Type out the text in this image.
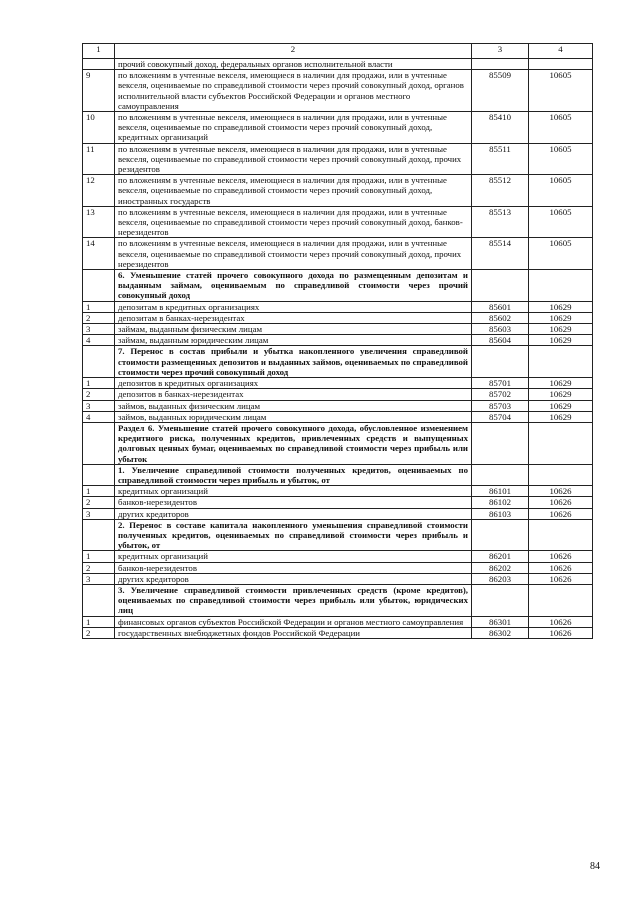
1	2	3	4
	прочий совокупный доход, федеральных органов исполнительной власти		
9	по вложениям в учтенные векселя, имеющиеся в наличии для продажи, или в учтенные векселя, оцениваемые по справедливой стоимости через прочий совокупный доход, органов исполнительной власти субъектов Российской Федерации и органов местного самоуправления	85509	10605
10	по вложениям в учтенные векселя, имеющиеся в наличии для продажи, или в учтенные векселя, оцениваемые по справедливой стоимости через прочий совокупный доход, кредитных организаций	85410	10605
11	по вложениям в учтенные векселя, имеющиеся в наличии для продажи, или в учтенные векселя, оцениваемые по справедливой стоимости через прочий совокупный доход, прочих резидентов	85511	10605
12	по вложениям в учтенные векселя, имеющиеся в наличии для продажи, или в учтенные векселя, оцениваемые по справедливой стоимости через прочий совокупный доход, иностранных государств	85512	10605
13	по вложениям в учтенные векселя, имеющиеся в наличии для продажи, или в учтенные векселя, оцениваемые по справедливой стоимости через прочий совокупный доход, банков-нерезидентов	85513	10605
14	по вложениям в учтенные векселя, имеющиеся в наличии для продажи, или в учтенные векселя, оцениваемые по справедливой стоимости через прочий совокупный доход, прочих нерезидентов	85514	10605
	6. Уменьшение статей прочего совокупного дохода по размещенным депозитам и выданным займам, оцениваемым по справедливой стоимости через прочий совокупный доход		
1	депозитам в кредитных организациях	85601	10629
2	депозитам в банках-нерезидентах	85602	10629
3	займам, выданным физическим лицам	85603	10629
4	займам, выданным юридическим лицам	85604	10629
	7. Перенос в состав прибыли и убытка накопленного увеличения справедливой стоимости размещенных депозитов и выданных займов, оцениваемых по справедливой стоимости через прочий совокупный доход		
1	депозитов в кредитных организациях	85701	10629
2	депозитов в банках-нерезидентах	85702	10629
3	займов, выданных физическим лицам	85703	10629
4	займов, выданных юридическим лицам	85704	10629
	Раздел 6. Уменьшение статей прочего совокупного дохода, обусловленное изменением кредитного риска, полученных кредитов, привлеченных средств и выпущенных долговых ценных бумаг, оцениваемых по справедливой стоимости через прибыль или убыток		
	1. Увеличение справедливой стоимости полученных кредитов, оцениваемых по справедливой стоимости через прибыль и убыток, от		
1	кредитных организаций	86101	10626
2	банков-нерезидентов	86102	10626
3	других кредиторов	86103	10626
	2. Перенос в составе капитала накопленного уменьшения справедливой стоимости полученных кредитов, оцениваемых по справедливой стоимости через прибыль и убыток, от		
1	кредитных организаций	86201	10626
2	банков-нерезидентов	86202	10626
3	других кредиторов	86203	10626
	3. Увеличение справедливой стоимости привлеченных средств (кроме кредитов), оцениваемых по справедливой стоимости через прибыль или убыток, юридических лиц		
1	финансовых органов субъектов Российской Федерации и органов местного самоуправления	86301	10626
2	государственных внебюджетных фондов Российской Федерации	86302	10626
84
